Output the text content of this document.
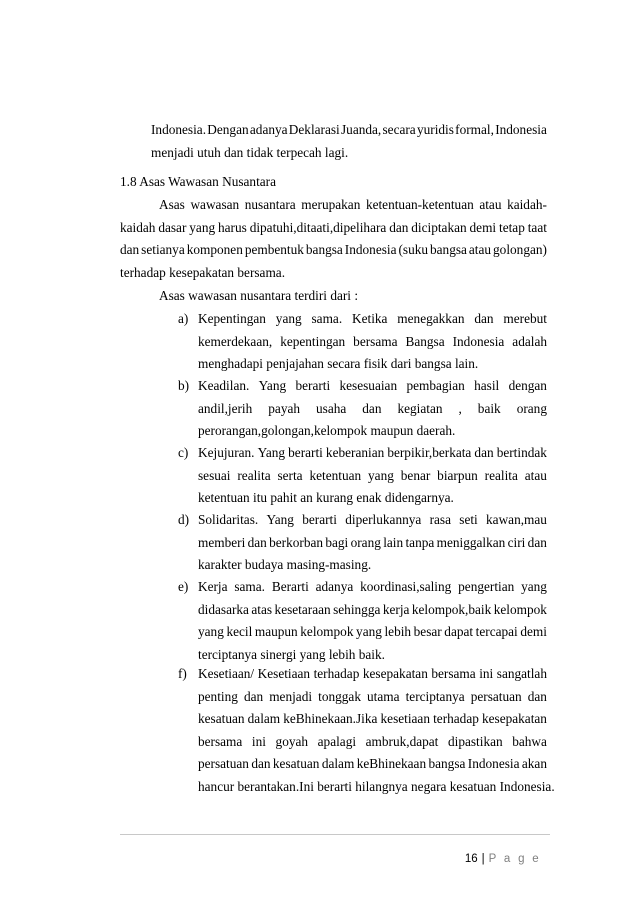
Indonesia. Dengan adanya Deklarasi Juanda, secara yuridis formal, Indonesia
menjadi utuh dan tidak terpecah lagi.
1.8 Asas Wawasan Nusantara
Asas wawasan nusantara merupakan ketentuan-ketentuan atau kaidah-
kaidah dasar yang harus dipatuhi,ditaati,dipelihara dan diciptakan demi tetap taat
dan setianya komponen pembentuk bangsa Indonesia (suku bangsa atau golongan)
terhadap kesepakatan bersama.
Asas wawasan nusantara terdiri dari :
a) Kepentingan yang sama. Ketika menegakkan dan merebut
kemerdekaan, kepentingan bersama Bangsa Indonesia adalah
menghadapi penjajahan secara fisik dari bangsa lain.
b) Keadilan. Yang berarti kesesuaian pembagian hasil dengan
andil,jerih payah usaha dan kegiatan , baik orang
perorangan,golongan,kelompok maupun daerah.
c) Kejujuran. Yang berarti keberanian berpikir,berkata dan bertindak
sesuai realita serta ketentuan yang benar biarpun realita atau
ketentuan itu pahit an kurang enak didengarnya.
d) Solidaritas. Yang berarti diperlukannya rasa seti kawan,mau
memberi dan berkorban bagi orang lain tanpa meniggalkan ciri dan
karakter budaya masing-masing.
e) Kerja sama. Berarti adanya koordinasi,saling pengertian yang
didasarka atas kesetaraan sehingga kerja kelompok,baik kelompok
yang kecil maupun kelompok yang lebih besar dapat tercapai demi
terciptanya sinergi yang lebih baik.
f) Kesetiaan/ Kesetiaan terhadap kesepakatan bersama ini sangatlah
penting dan menjadi tonggak utama terciptanya persatuan dan
kesatuan dalam keBhinekaan.Jika kesetiaan terhadap kesepakatan
bersama ini goyah apalagi ambruk,dapat dipastikan bahwa
persatuan dan kesatuan dalam keBhinekaan bangsa Indonesia akan
hancur berantakan.Ini berarti hilangnya negara kesatuan Indonesia.
16 | P a g e
